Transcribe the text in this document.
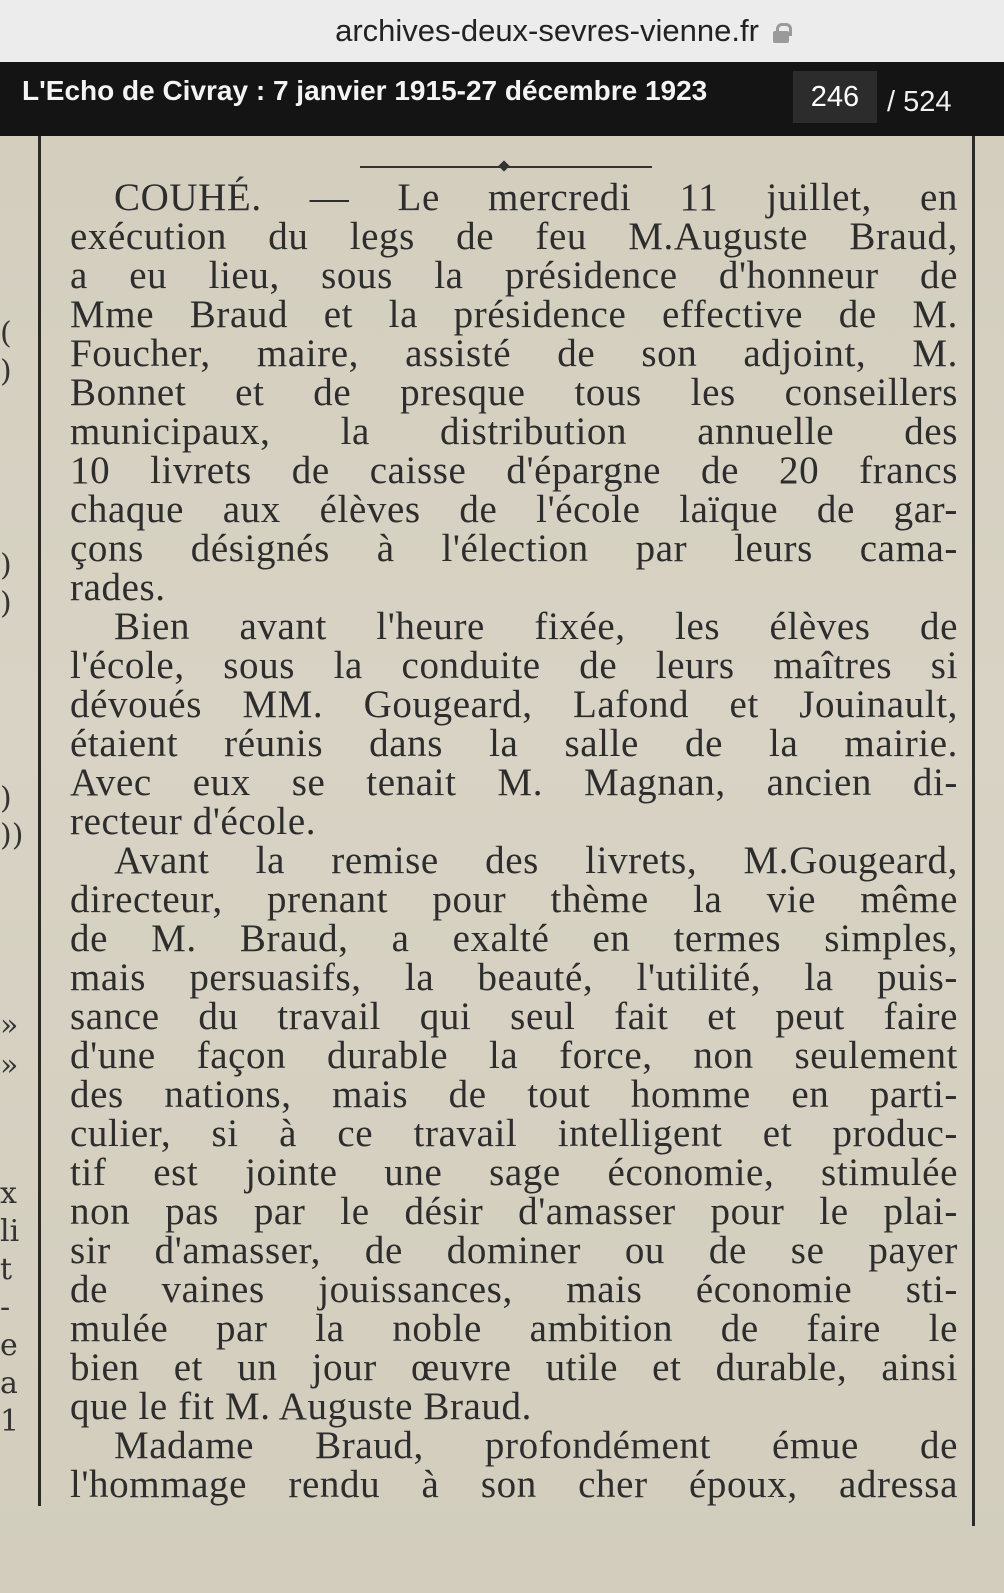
archives-deux-sevres-vienne.fr
L'Echo de Civray : 7 janvier 1915-27 décembre 1923
246	/ 524
(
)
)
)
)
))
»
»
x
li
t
-
e
a
1
COUHÉ. — Le mercredi 11 juillet, en
exécution du legs de feu M.Auguste Braud,
a eu lieu, sous la présidence d'honneur de
Mme Braud et la présidence effective de M.
Foucher, maire, assisté de son adjoint, M.
Bonnet et de presque tous les conseillers
municipaux, la distribution annuelle des
10 livrets de caisse d'épargne de 20 francs
chaque aux élèves de l'école laïque de gar-
çons désignés à l'élection par leurs cama-
rades.
Bien avant l'heure fixée, les élèves de
l'école, sous la conduite de leurs maîtres si
dévoués MM. Gougeard, Lafond et Jouinault,
étaient réunis dans la salle de la mairie.
Avec eux se tenait M. Magnan, ancien di-
recteur d'école.
Avant la remise des livrets, M.Gougeard,
directeur, prenant pour thème la vie même
de M. Braud, a exalté en termes simples,
mais persuasifs, la beauté, l'utilité, la puis-
sance du travail qui seul fait et peut faire
d'une façon durable la force, non seulement
des nations, mais de tout homme en parti-
culier, si à ce travail intelligent et produc-
tif est jointe une sage économie, stimulée
non pas par le désir d'amasser pour le plai-
sir d'amasser, de dominer ou de se payer
de vaines jouissances, mais économie sti-
mulée par la noble ambition de faire le
bien et un jour œuvre utile et durable, ainsi
que le fit M. Auguste Braud.
Madame Braud, profondément émue de
l'hommage rendu à son cher époux, adressa
